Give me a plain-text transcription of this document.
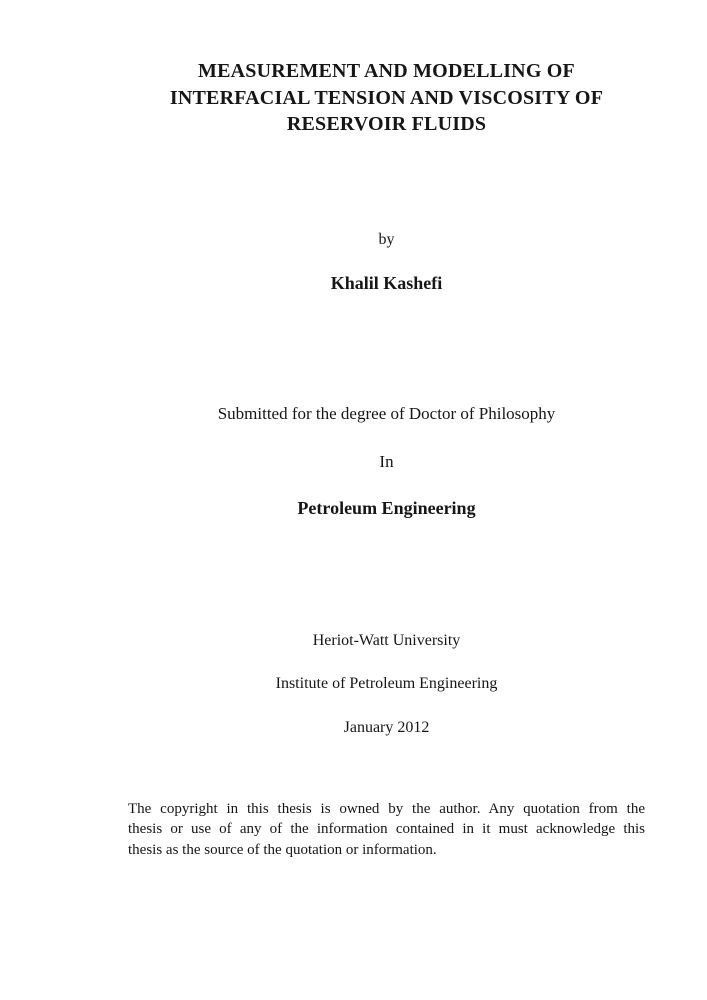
MEASUREMENT AND MODELLING OF
INTERFACIAL TENSION AND VISCOSITY OF
RESERVOIR FLUIDS
by
Khalil Kashefi
Submitted for the degree of Doctor of Philosophy
In
Petroleum Engineering
Heriot-Watt University
Institute of Petroleum Engineering
January 2012
The copyright in this thesis is owned by the author. Any quotation from the
thesis or use of any of the information contained in it must acknowledge this
thesis as the source of the quotation or information.
